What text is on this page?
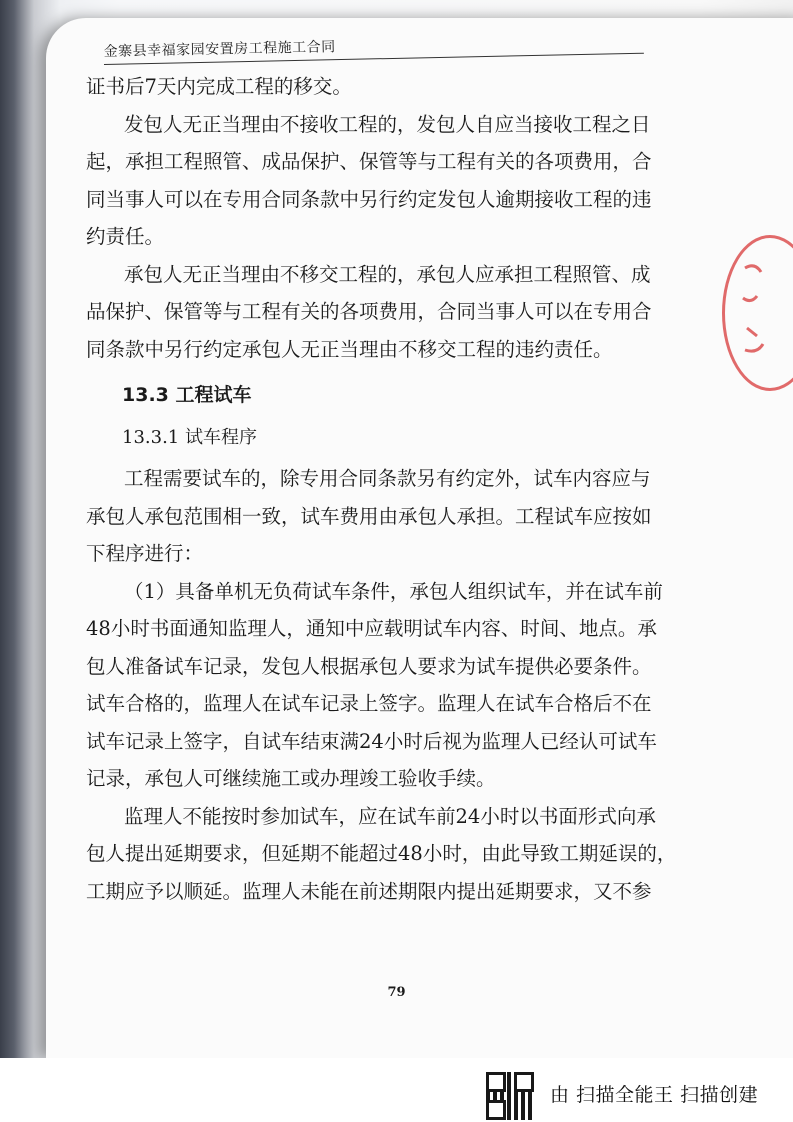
金寨县幸福家园安置房工程施工合同

证书后7天内完成工程的移交。

发包人无正当理由不接收工程的，发包人自应当接收工程之日

起，承担工程照管、成品保护、保管等与工程有关的各项费用，合
同当事人可以在专用合同条款中另行约定发包人逾期接收工程的违
约责任。

承包人无正当理由不移交工程的，承包人应承担工程照管、成

品保护、保管等与工程有关的各项费用，合同当事人可以在专用合
同条款中另行约定承包人无正当理由不移交工程的违约责任。

13.3 工程试车
13.3.1 试车程序

工程需要试车的，除专用合同条款另有约定外，试车内容应与

承包人承包范围相一致，试车费用由承包人承担。工程试车应按如
下程序进行：

（1）具备单机无负荷试车条件，承包人组织试车，并在试车前

48小时书面通知监理人，通知中应载明试车内容、时间、地点。承
包人准备试车记录，发包人根据承包人要求为试车提供必要条件。
试车合格的，监理人在试车记录上签字。监理人在试车合格后不在
试车记录上签字，自试车结束满24小时后视为监理人已经认可试车
记录，承包人可继续施工或办理竣工验收手续。

监理人不能按时参加试车，应在试车前24小时以书面形式向承

包人提出延期要求，但延期不能超过48小时，由此导致工期延误的，
工期应予以顺延。监理人未能在前述期限内提出延期要求，又不参

79
由 扫描全能王 扫描创建
